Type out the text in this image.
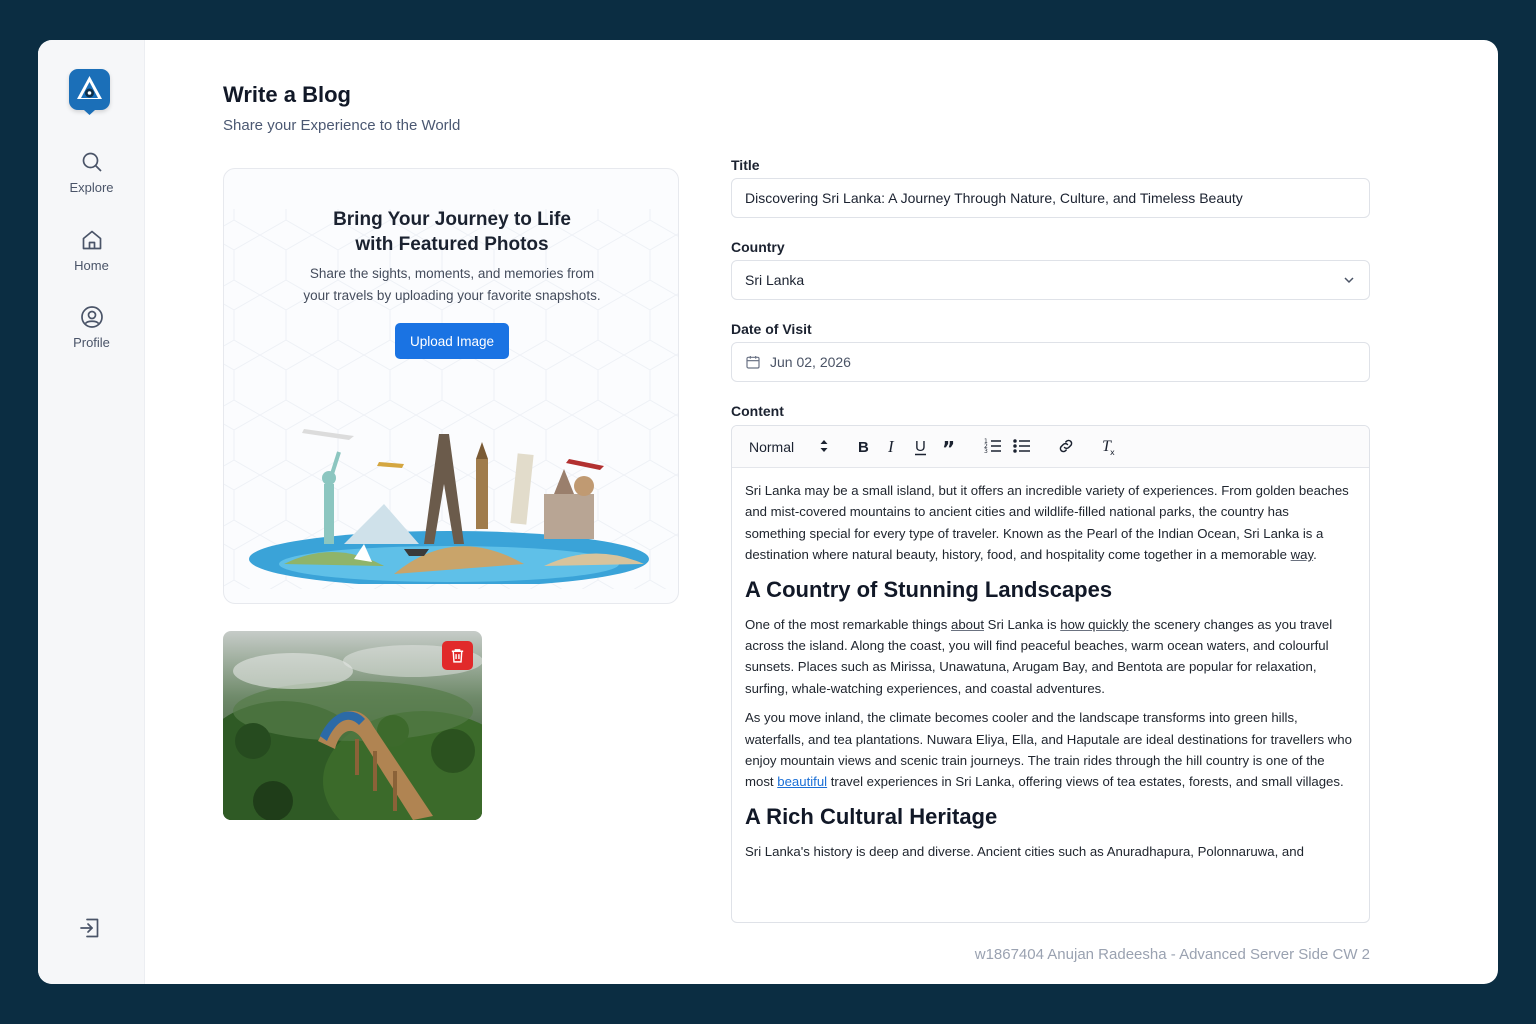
Explore
Home
Profile
Write a Blog
Share your Experience to the World
Bring Your Journey to Life
with Featured Photos
Share the sights, moments, and memories from
your travels by uploading your favorite snapshots.
Upload Image
Title
Discovering Sri Lanka: A Journey Through Nature, Culture, and Timeless Beauty
Country
Sri Lanka
Date of Visit
Jun 02, 2026
Content
Normal	B I U ”	1
2
3	T x

Sri Lanka may be a small island, but it offers an incredible variety of experiences. From golden beaches and mist-covered mountains to ancient cities and wildlife-filled national parks, the country has something special for every type of traveler. Known as the Pearl of the Indian Ocean, Sri Lanka is a destination where natural beauty, history, food, and hospitality come together in a memorable way.

A Country of Stunning Landscapes

One of the most remarkable things about Sri Lanka is how quickly the scenery changes as you travel across the island. Along the coast, you will find peaceful beaches, warm ocean waters, and colourful sunsets. Places such as Mirissa, Unawatuna, Arugam Bay, and Bentota are popular for relaxation, surfing, whale-watching experiences, and coastal adventures.

As you move inland, the climate becomes cooler and the landscape transforms into green hills, waterfalls, and tea plantations. Nuwara Eliya, Ella, and Haputale are ideal destinations for travellers who enjoy mountain views and scenic train journeys. The train rides through the hill country is one of the most beautiful travel experiences in Sri Lanka, offering views of tea estates, forests, and small villages.

A Rich Cultural Heritage

Sri Lanka's history is deep and diverse. Ancient cities such as Anuradhapura, Polonnaruwa, and

w1867404 Anujan Radeesha - Advanced Server Side CW 2
